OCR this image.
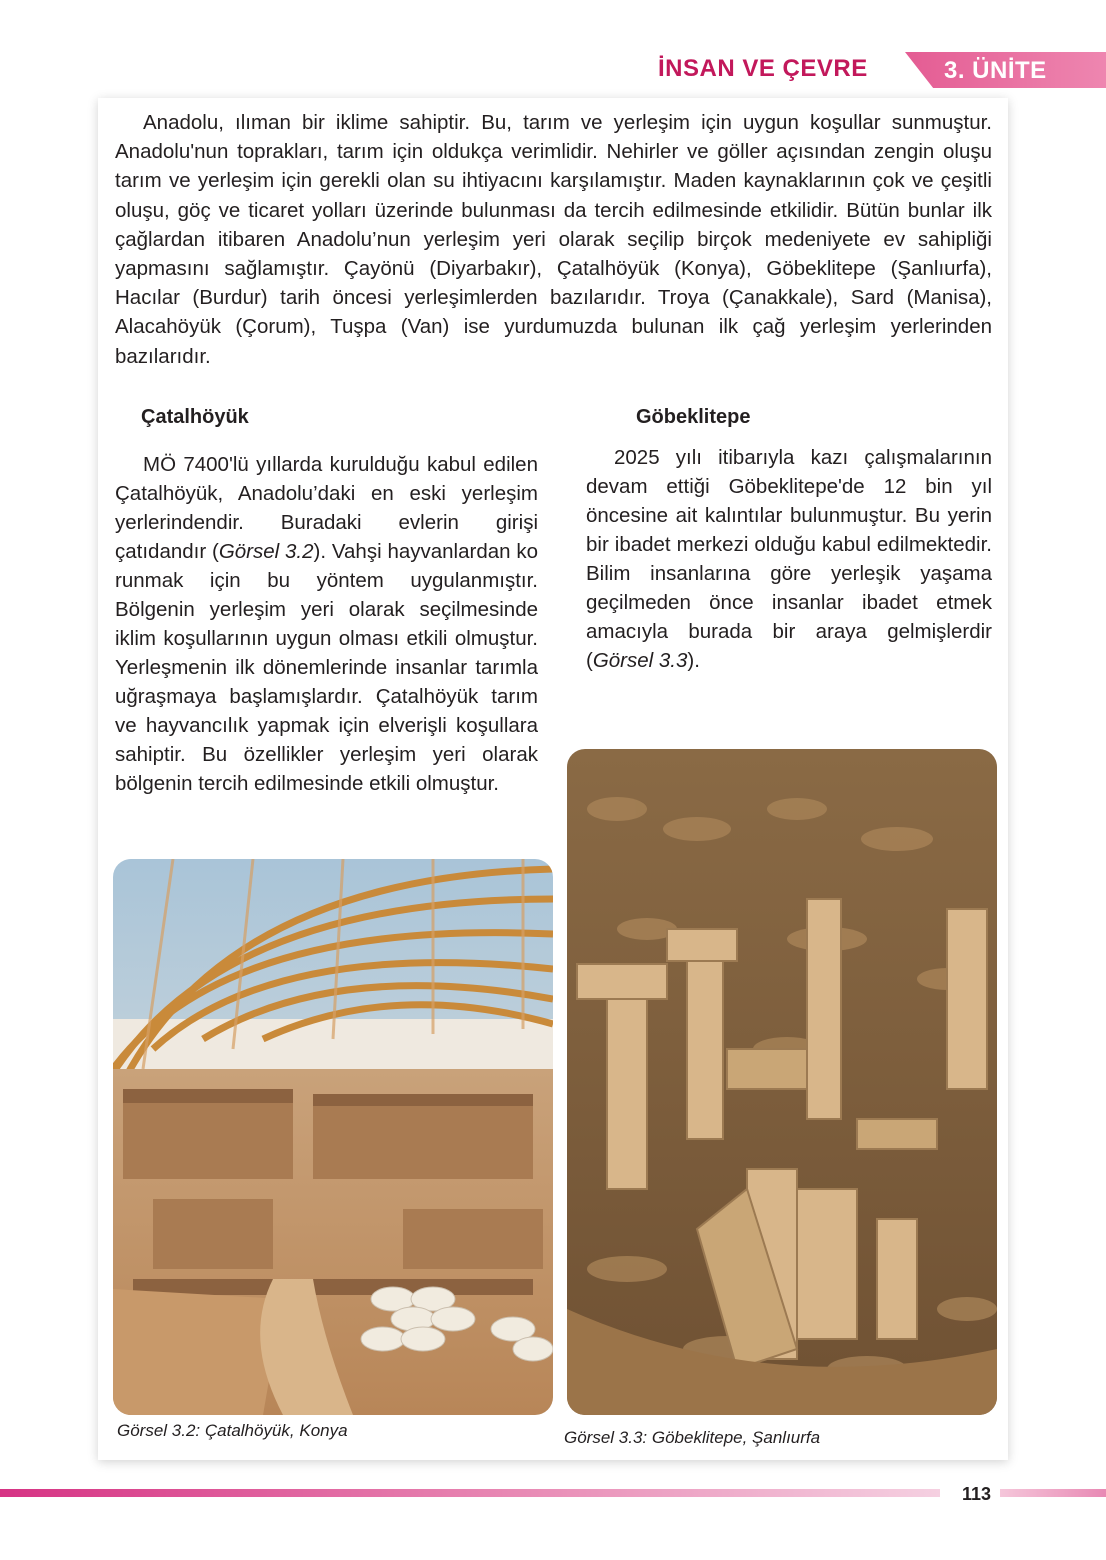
İNSAN VE ÇEVRE	3. ÜNİTE

Anadolu, ılıman bir iklime sahiptir. Bu, tarım ve yerleşim için uygun koşullar sunmuştur. Anadolu'nun toprakları, tarım için oldukça verimlidir. Nehirler ve göller açısından zengin oluşu tarım ve yerleşim için gerekli olan su ihtiyacını karşılamıştır. Maden kaynaklarının çok ve çeşitli oluşu, göç ve ticaret yolları üzerinde bulunması da tercih edilmesinde etkilidir. Bütün bunlar ilk çağlardan itibaren Anadolu’nun yerleşim yeri olarak seçilip birçok medeniyete ev sahipliği yapmasını sağlamıştır. Çayönü (Diyarbakır), Çatalhöyük (Konya), Göbeklitepe (Şanlıurfa), Hacılar (Burdur) tarih öncesi yerleşimlerden bazılarıdır. Troya (Çanakkale), Sard (Manisa), Alacahöyük (Çorum), Tuşpa (Van) ise yurdumuzda bulunan ilk çağ yerleşim yerlerinden bazılarıdır.

Çatalhöyük	Göbeklitepe

MÖ 7400'lü yıllarda kurulduğu kabul edilen Çatalhöyük, Anadolu’daki en eski yerleşim yerlerindendir. Buradaki evlerin girişi çatıdandır (Görsel 3.2). Vahşi hayvanlardan ko runmak için bu yöntem uygulanmıştır. Bölgenin yerleşim yeri olarak seçilmesinde iklim koşullarının uygun olması etkili olmuştur. Yerleşmenin ilk dönemlerinde insanlar tarımla uğraşmaya başlamışlardır. Çatalhöyük tarım ve hayvancılık yapmak için elverişli koşullara sahiptir. Bu özellikler yerleşim yeri olarak bölgenin tercih edilmesinde etkili olmuştur.

2025 yılı itibarıyla kazı çalışmalarının devam ettiği Göbeklitepe'de 12 bin yıl öncesine ait kalıntılar bulunmuştur. Bu yerin bir ibadet merkezi olduğu kabul edilmektedir. Bilim insanlarına göre yerleşik yaşama geçilmeden önce insanlar ibadet etmek amacıyla burada bir araya gelmişlerdir (Görsel 3.3).

Görsel 3.2: Çatalhöyük, Konya	Görsel 3.3: Göbeklitepe, Şanlıurfa
113
